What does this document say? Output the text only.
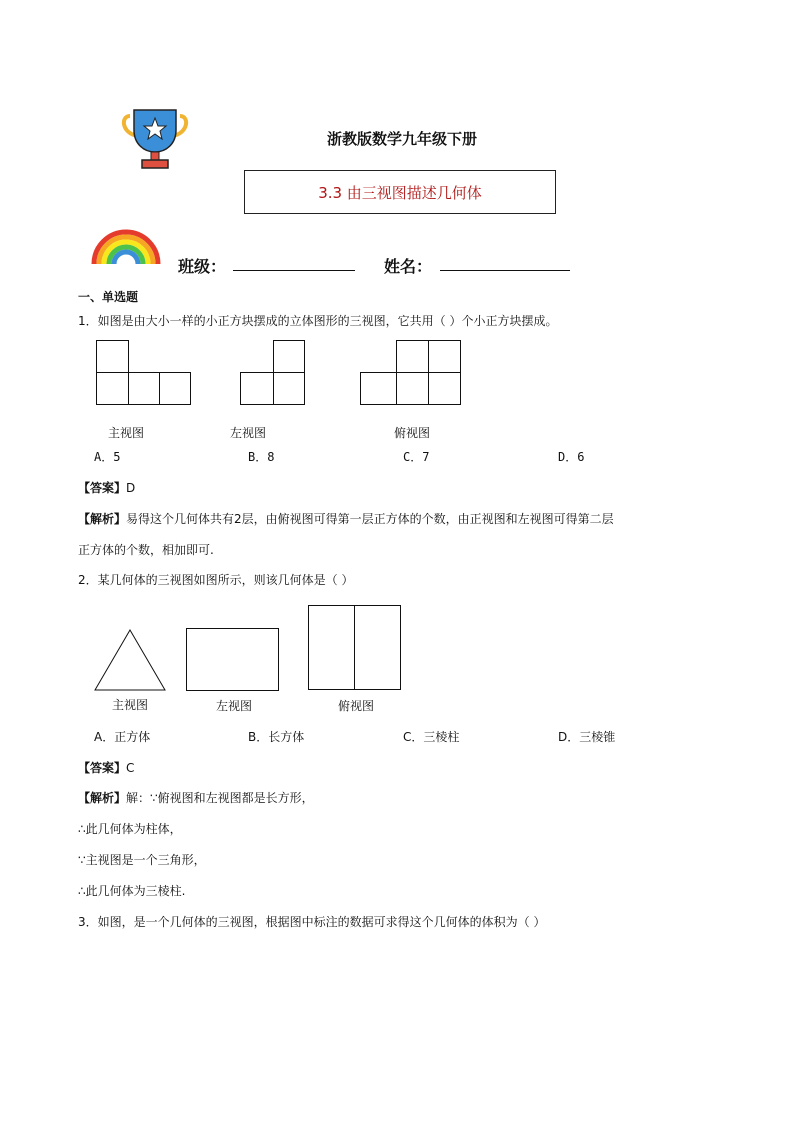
浙教版数学九年级下册
3.3 由三视图描述几何体
班级：	姓名：
一、单选题
1．如图是由大小一样的小正方块摆成的立体图形的三视图，它共用（ ）个小正方块摆成。
主视图	左视图	俯视图
A．5	B．8	C．7	D．6
【答案】D
【解析】易得这个几何体共有2层，由俯视图可得第一层正方体的个数，由正视图和左视图可得第二层
正方体的个数，相加即可.
2．某几何体的三视图如图所示，则该几何体是（ ）
主视图	左视图	俯视图
A．正方体	B．长方体	C．三棱柱	D．三棱锥
【答案】C
【解析】解：∵俯视图和左视图都是长方形，
∴此几何体为柱体，
∵主视图是一个三角形，
∴此几何体为三棱柱.
3．如图，是一个几何体的三视图，根据图中标注的数据可求得这个几何体的体积为（ ）
